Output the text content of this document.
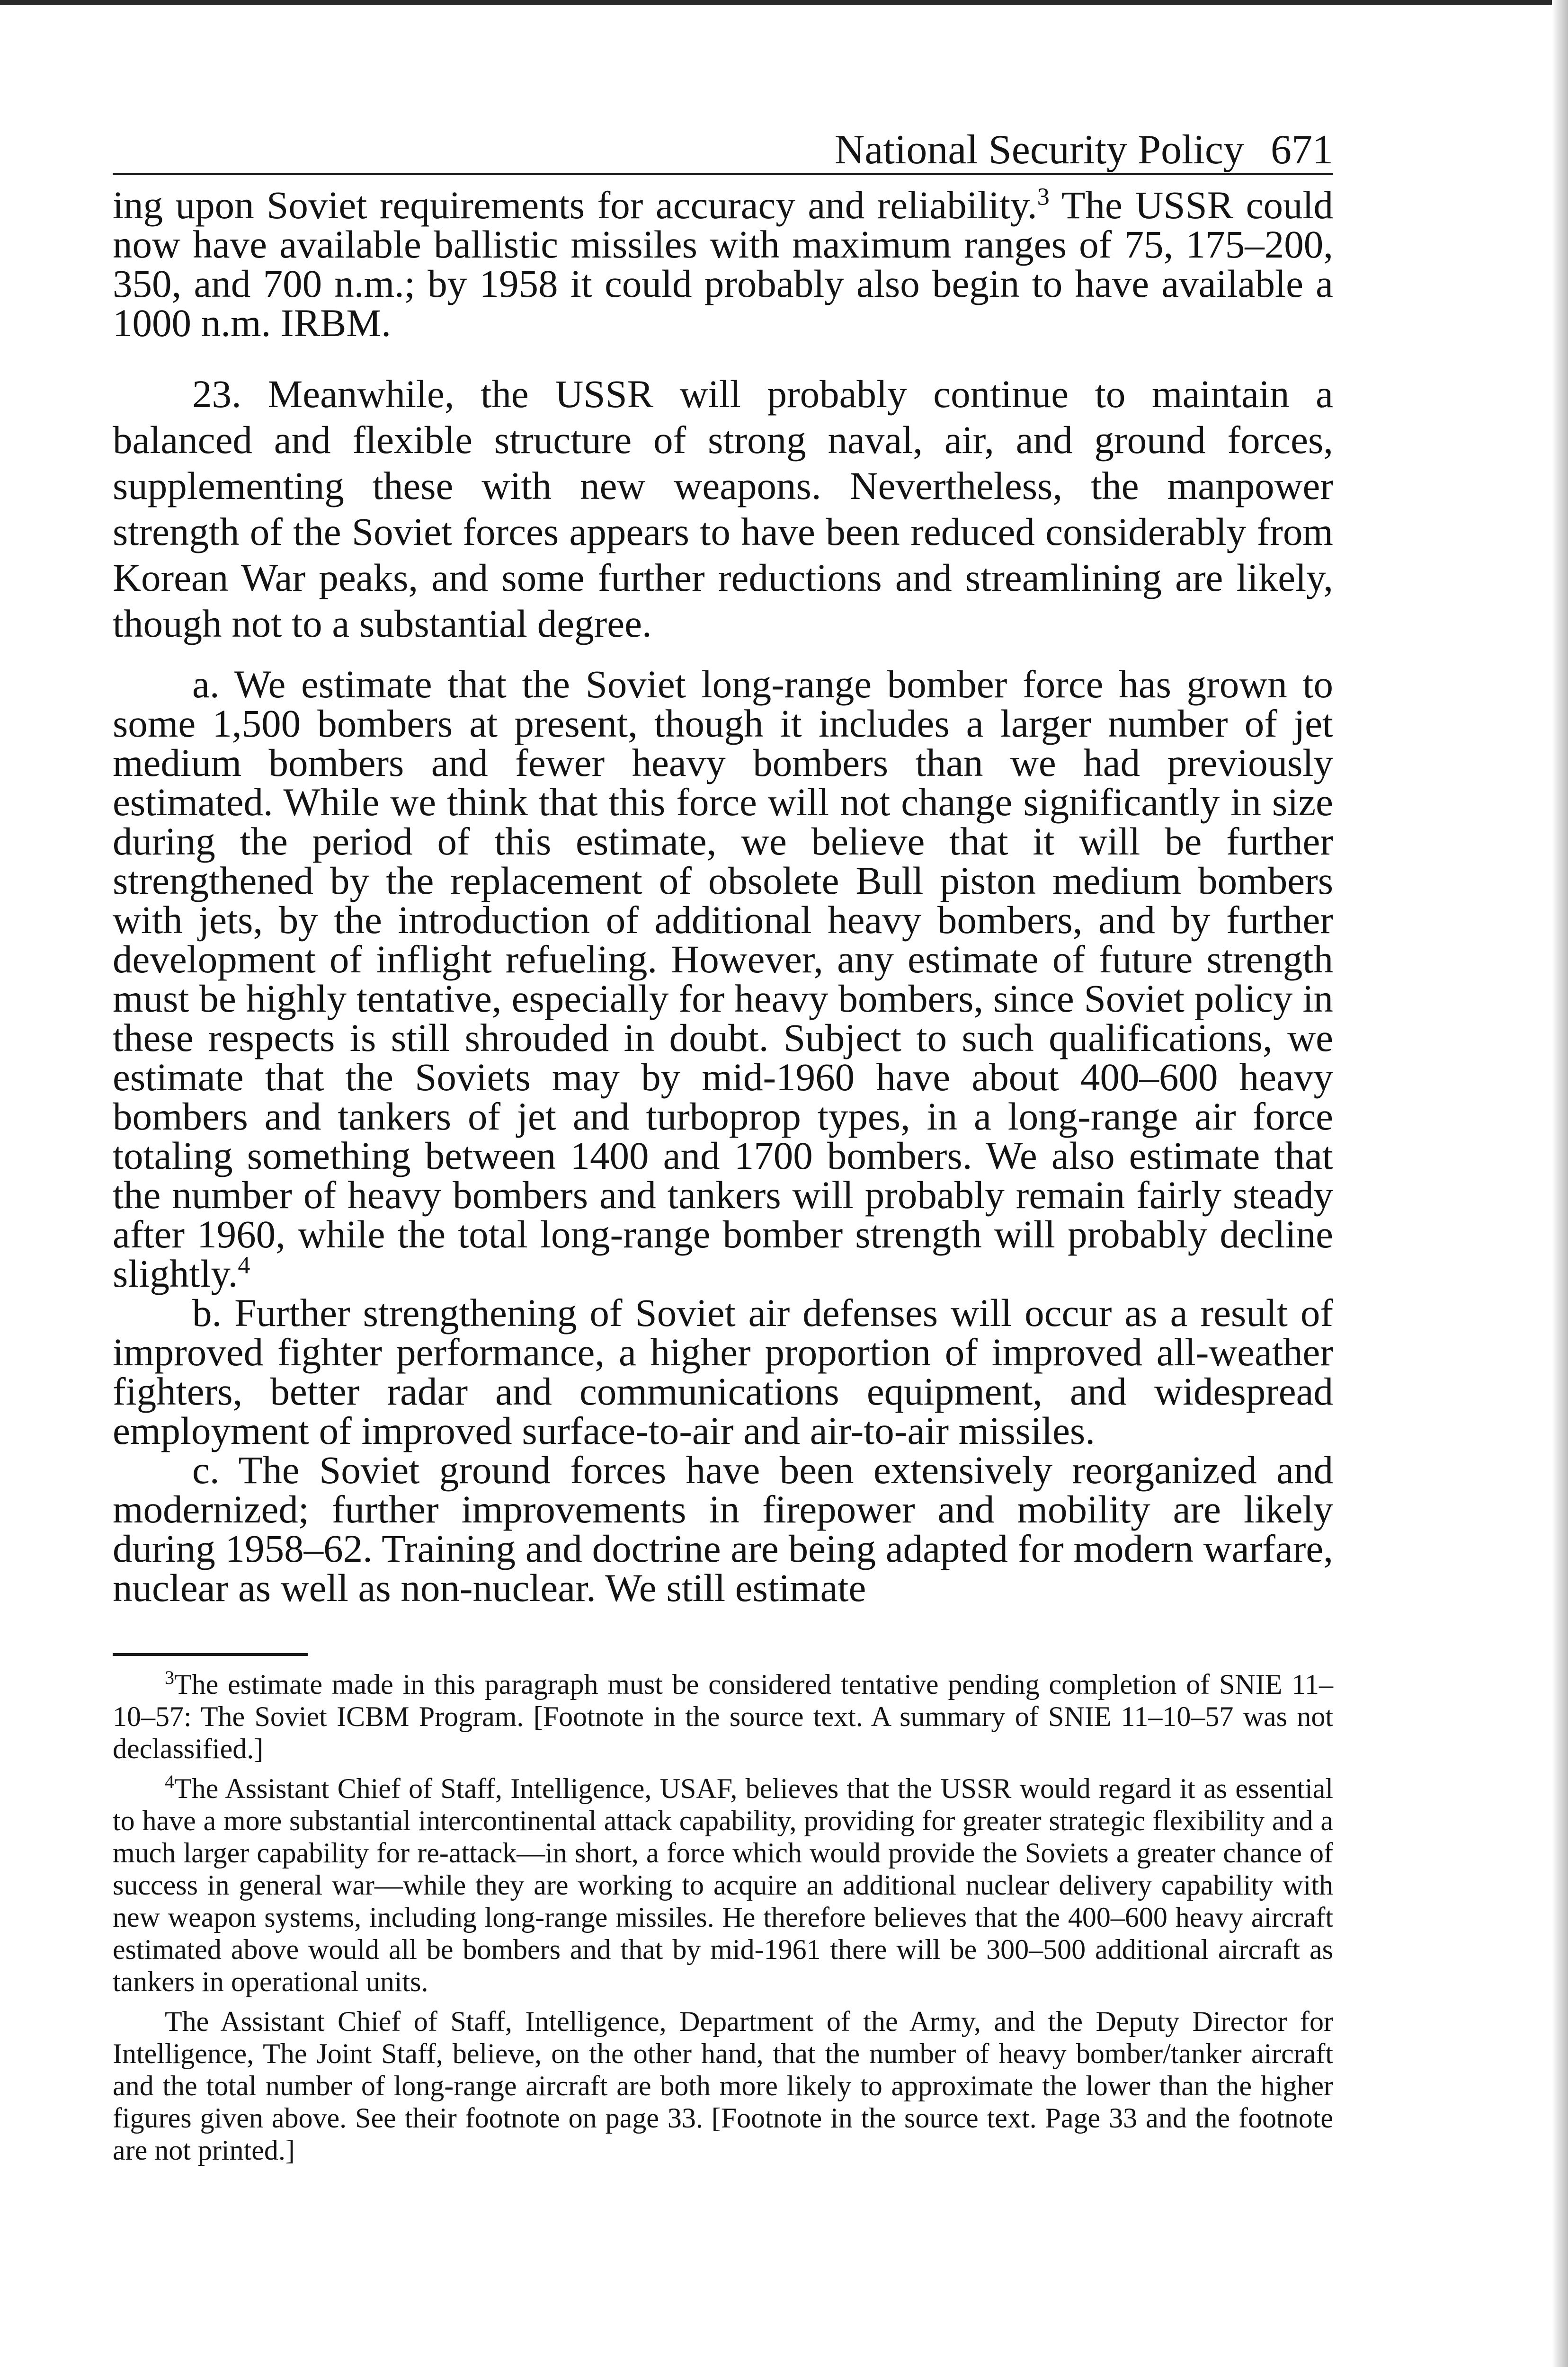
National Security Policy 671

ing upon Soviet requirements for accuracy and reliability.$^3$ The USSR could now have available ballistic missiles with maximum ranges of 75, 175–200, 350, and 700 n.m.; by 1958 it could probably also begin to have available a 1000 n.m. IRBM.

23. Meanwhile, the USSR will probably continue to maintain a balanced and flexible structure of strong naval, air, and ground forces, supplementing these with new weapons. Nevertheless, the manpower strength of the Soviet forces appears to have been reduced considerably from Korean War peaks, and some further reductions and streamlining are likely, though not to a substantial degree.

a. We estimate that the Soviet long-range bomber force has grown to some 1,500 bombers at present, though it includes a larger number of jet medium bombers and fewer heavy bombers than we had previously estimated. While we think that this force will not change significantly in size during the period of this estimate, we believe that it will be further strengthened by the replacement of obsolete Bull piston medium bombers with jets, by the introduction of additional heavy bombers, and by further development of inflight refueling. However, any estimate of future strength must be highly tentative, especially for heavy bombers, since Soviet policy in these respects is still shrouded in doubt. Subject to such qualifications, we estimate that the Soviets may by mid-1960 have about 400–600 heavy bombers and tankers of jet and turboprop types, in a long-range air force totaling something between 1400 and 1700 bombers. We also estimate that the number of heavy bombers and tankers will probably remain fairly steady after 1960, while the total long-range bomber strength will probably decline slightly.$^4$

b. Further strengthening of Soviet air defenses will occur as a result of improved fighter performance, a higher proportion of improved all-weather fighters, better radar and communications equipment, and widespread employment of improved surface-to-air and air-to-air missiles.

c. The Soviet ground forces have been extensively reorganized and modernized; further improvements in firepower and mobility are likely during 1958–62. Training and doctrine are being adapted for modern warfare, nuclear as well as non-nuclear. We still estimate

$^3$The estimate made in this paragraph must be considered tentative pending completion of SNIE 11–10–57: The Soviet ICBM Program. [Footnote in the source text. A summary of SNIE 11–10–57 was not declassified.]

$^4$The Assistant Chief of Staff, Intelligence, USAF, believes that the USSR would regard it as essential to have a more substantial intercontinental attack capability, providing for greater strategic flexibility and a much larger capability for re-attack—in short, a force which would provide the Soviets a greater chance of success in general war—while they are working to acquire an additional nuclear delivery capability with new weapon systems, including long-range missiles. He therefore believes that the 400–600 heavy aircraft estimated above would all be bombers and that by mid-1961 there will be 300–500 additional aircraft as tankers in operational units.

The Assistant Chief of Staff, Intelligence, Department of the Army, and the Deputy Director for Intelligence, The Joint Staff, believe, on the other hand, that the number of heavy bomber/tanker aircraft and the total number of long-range aircraft are both more likely to approximate the lower than the higher figures given above. See their footnote on page 33. [Footnote in the source text. Page 33 and the footnote are not printed.]
